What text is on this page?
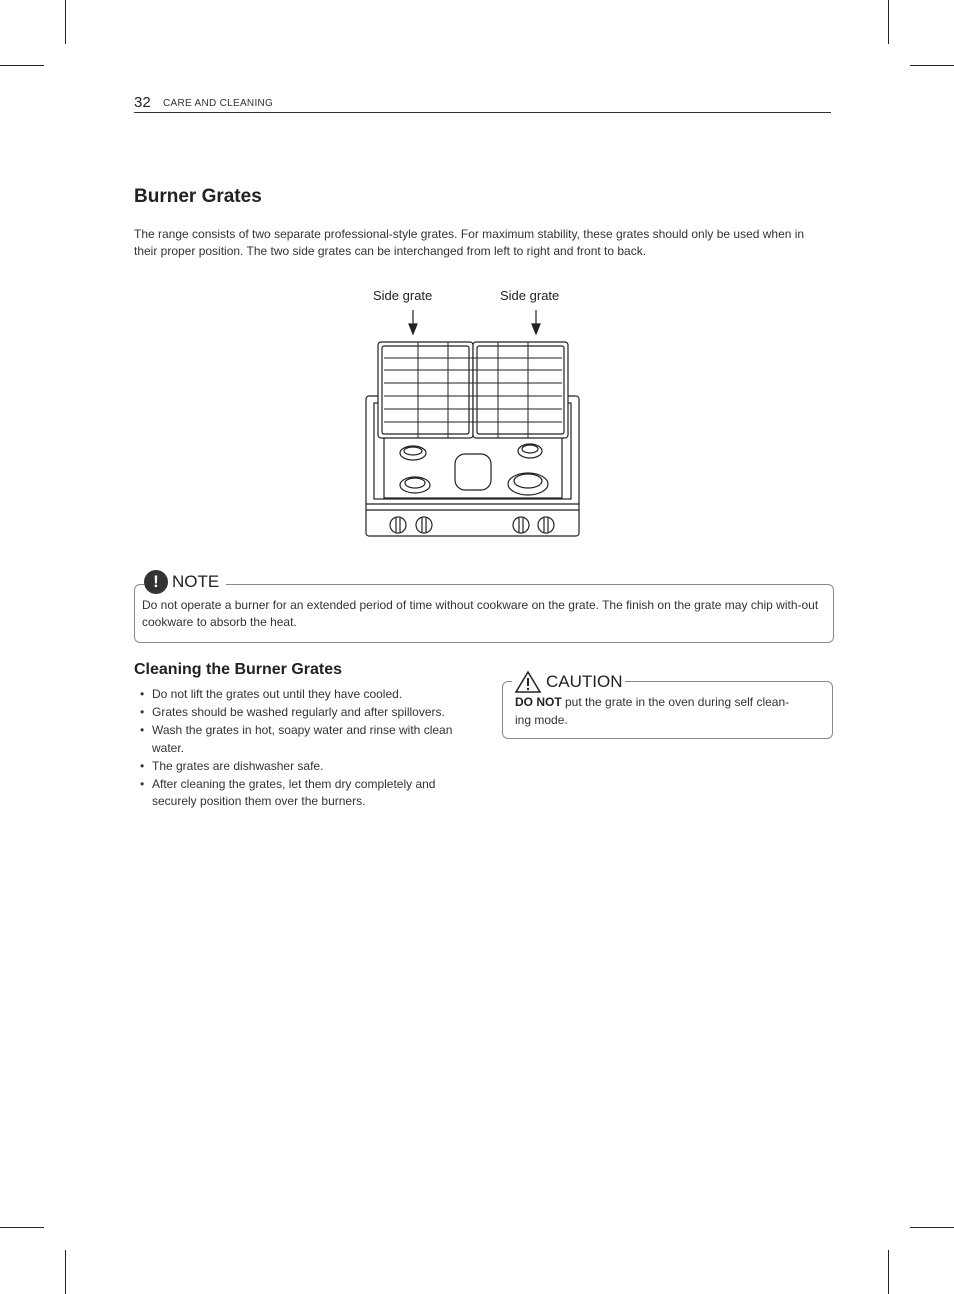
32 CARE AND CLEANING
Burner Grates
The range consists of two separate professional-style grates. For maximum stability, these grates should only be used when in their proper position. The two side grates can be interchanged from left to right and front to back.
Side grate	Side grate
! NOTE
Do not operate a burner for an extended period of time without cookware on the grate. The finish on the grate may chip with-out cookware to absorb the heat.
Cleaning the Burner Grates
• Do not lift the grates out until they have cooled.
• Grates should be washed regularly and after spillovers.
• Wash the grates in hot, soapy water and rinse with clean water.
• The grates are dishwasher safe.
• After cleaning the grates, let them dry completely and securely position them over the burners.
CAUTION
DO NOT put the grate in the oven during self clean-ing mode.
